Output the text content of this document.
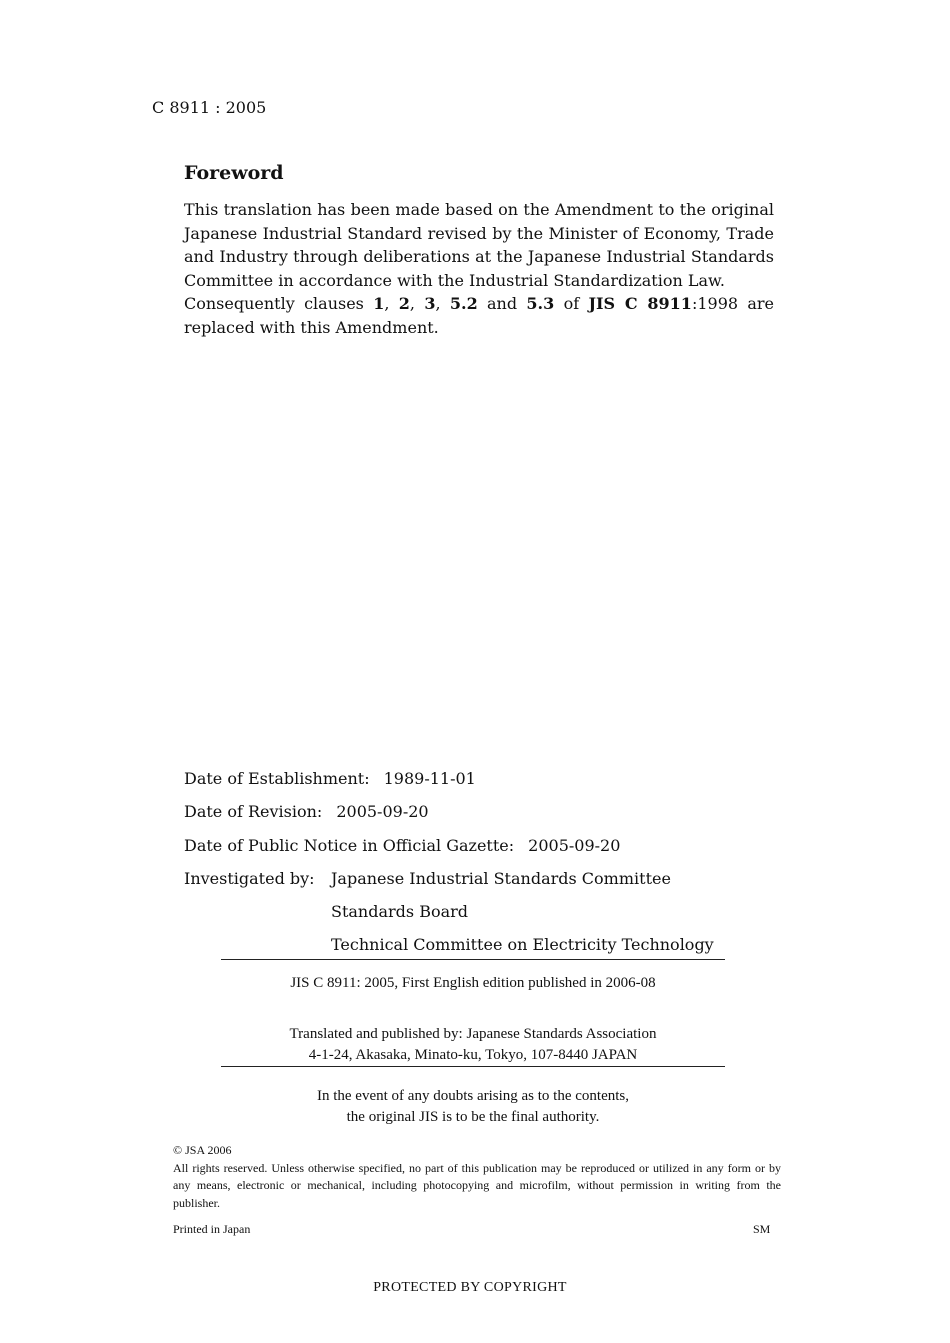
C 8911 : 2005
Foreword

This translation has been made based on the Amendment to the original Japanese Industrial Standard revised by the Minister of Economy, Trade and Industry through deliberations at the Japanese Industrial Standards Committee in accordance with the Industrial Standardization Law.

Consequently clauses 1, 2, 3, 5.2 and 5.3 of JIS C 8911:1998 are replaced with this Amendment.

Date of Establishment: 1989-11-01
Date of Revision: 2005-09-20
Date of Public Notice in Official Gazette: 2005-09-20
Investigated by: Japanese Industrial Standards Committee
Standards Board
Technical Committee on Electricity Technology
JIS C 8911: 2005, First English edition published in 2006-08
Translated and published by: Japanese Standards Association
4-1-24, Akasaka, Minato-ku, Tokyo, 107-8440 JAPAN
In the event of any doubts arising as to the contents,
the original JIS is to be the final authority.
© JSA 2006
All rights reserved. Unless otherwise specified, no part of this publication may be reproduced or utilized in any form or by any means, electronic or mechanical, including photocopying and microfilm, without permission in writing from the publisher.
Printed in Japan	SM
PROTECTED BY COPYRIGHT
